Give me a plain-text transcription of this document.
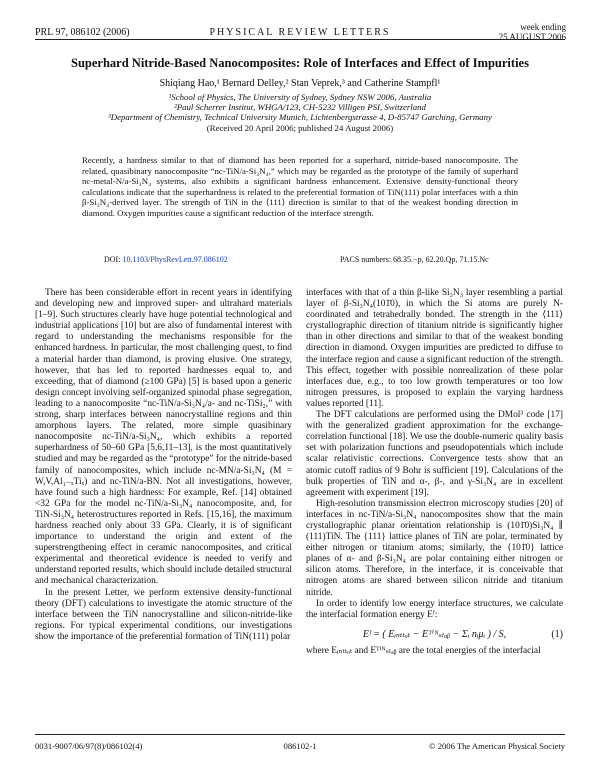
PRL 97, 086102 (2006)	PHYSICAL REVIEW LETTERS	week ending
25 AUGUST 2006
Superhard Nitride-Based Nanocomposites: Role of Interfaces and Effect of Impurities
Shiqiang Hao,¹ Bernard Delley,² Stan Veprek,³ and Catherine Stampfl¹
¹School of Physics, The University of Sydney, Sydney NSW 2006, Australia
²Paul Scherrer Institut, WHGA/123, CH-5232 Villigen PSI, Switzerland
³Department of Chemistry, Technical University Munich, Lichtenbergstrasse 4, D-85747 Garching, Germany
(Received 20 April 2006; published 24 August 2006)
Recently, a hardness similar to that of diamond has been reported for a superhard, nitride-based nanocomposite. The related, quasibinary nanocomposite “nc-TiN/a-Si₃N₄,” which may be regarded as the prototype of the family of superhard nc-metal-N/a-Si₃N₄ systems, also exhibits a significant hardness enhancement. Extensive density-functional theory calculations indicate that the superhardness is related to the preferential formation of TiN(111) polar interfaces with a thin β-Si₃N₄-derived layer. The strength of TiN in the ⟨111⟩ direction is similar to that of the weakest bonding direction in diamond. Oxygen impurities cause a significant reduction of the interface strength.
DOI: 10.1103/PhysRevLett.97.086102	PACS numbers: 68.35.−p, 62.20.Qp, 71.15.Nc

There has been considerable effort in recent years in identifying and developing new and improved super- and ultrahard materials [1–9]. Such structures clearly have huge potential technological and industrial applications [10] but are also of fundamental interest with regard to understanding the mechanisms responsible for the enhanced hardness. In particular, the most challenging quest, to find a material harder than diamond, is proving elusive. One strategy, however, that has led to reported hardnesses equal to, and exceeding, that of diamond (≥100 GPa) [5] is based upon a generic design concept involving self-organized spinodal phase segregation, leading to a nanocomposite “nc-TiN/a-Si₃N₄/a- and nc-TiSi₂,” with strong, sharp interfaces between nanocrystalline regions and thin amorphous layers. The related, more simple quasibinary nanocomposite nc-TiN/a-Si₃N₄, which exhibits a reported superhardness of 50–60 GPa [5,6,11–13], is the most quantitatively studied and may be regarded as the “prototype” for the nitride-based family of nanocomposites, which include nc-MN/a-Si₃N₄ (M = W,V,Al₁₋ₓTiₓ) and nc-TiN/a-BN. Not all investigations, however, have found such a high hardness: For example, Ref. [14] obtained <32 GPa for the model nc-TiN/a-Si₃N₄ nanocomposite, and, for TiN-Si₃N₄ heterostructures reported in Refs. [15,16], the maximum hardness reached only about 33 GPa. Clearly, it is of significant importance to understand the origin and extent of the superstrengthening effect in ceramic nanocomposites, and critical experimental and theoretical evidence is needed to verify and understand reported results, which should include detailed structural and mechanical characterization.

In the present Letter, we perform extensive density-functional theory (DFT) calculations to investigate the atomic structure of the interface between the TiN nanocrystalline and silicon-nitride-like regions. For typical experimental conditions, our investigations show the importance of the preferential formation of TiN(111) polar

interfaces with that of a thin β-like Si₃N₃ layer resembling a partial layer of β-Si₃N₄(101̄0), in which the Si atoms are purely N-coordinated and tetrahedrally bonded. The strength in the ⟨111⟩ crystallographic direction of titanium nitride is significantly higher than in other directions and similar to that of the weakest bonding direction in diamond. Oxygen impurities are predicted to diffuse to the interface region and cause a significant reduction of the strength. This effect, together with possible nonrealization of these polar interfaces due, e.g., to too low growth temperatures or too low nitrogen pressures, is proposed to explain the varying hardness values reported [11].

The DFT calculations are performed using the DMol³ code [17] with the generalized gradient approximation for the exchange-correlation functional [18]. We use the double-numeric quality basis set with polarization functions and pseudopotentials which include scalar relativistic corrections. Convergence tests show that an atomic cutoff radius of 9 Bohr is sufficient [19]. Calculations of the bulk properties of TiN and α-, β-, and γ-Si₃N₄ are in excellent agreement with experiment [19].

High-resolution transmission electron microscopy studies [20] of interfaces in nc-TiN/a-Si₃N₄ nanocomposites show that the main crystallographic planar orientation relationship is (101̄0)Si₃N₄ ∥ (111)TiN. The {111} lattice planes of TiN are polar, terminated by either nitrogen or titanium atoms; similarly, the {101̄0} lattice planes of α- and β-Si₃N₄ are polar containing either nitrogen or silicon atoms. Therefore, in the interface, it is conceivable that nitrogen atoms are shared between silicon nitride and titanium nitride.

In order to identify low energy interface structures, we calculate the interfacial formation energy Eᶠ:

Eᶠ = ( Eᵢₙₜₜₒₜ − Eᵀⁱᴺₛₗₐᵦ − Σᵢ nᵢμᵢ ) / S,	(1)

where Eᵢₙₜₜₒₜ and Eᵀⁱᴺₛₗₐᵦ are the total energies of the interfacial

0031-9007/06/97(8)/086102(4)	086102-1	© 2006 The American Physical Society
